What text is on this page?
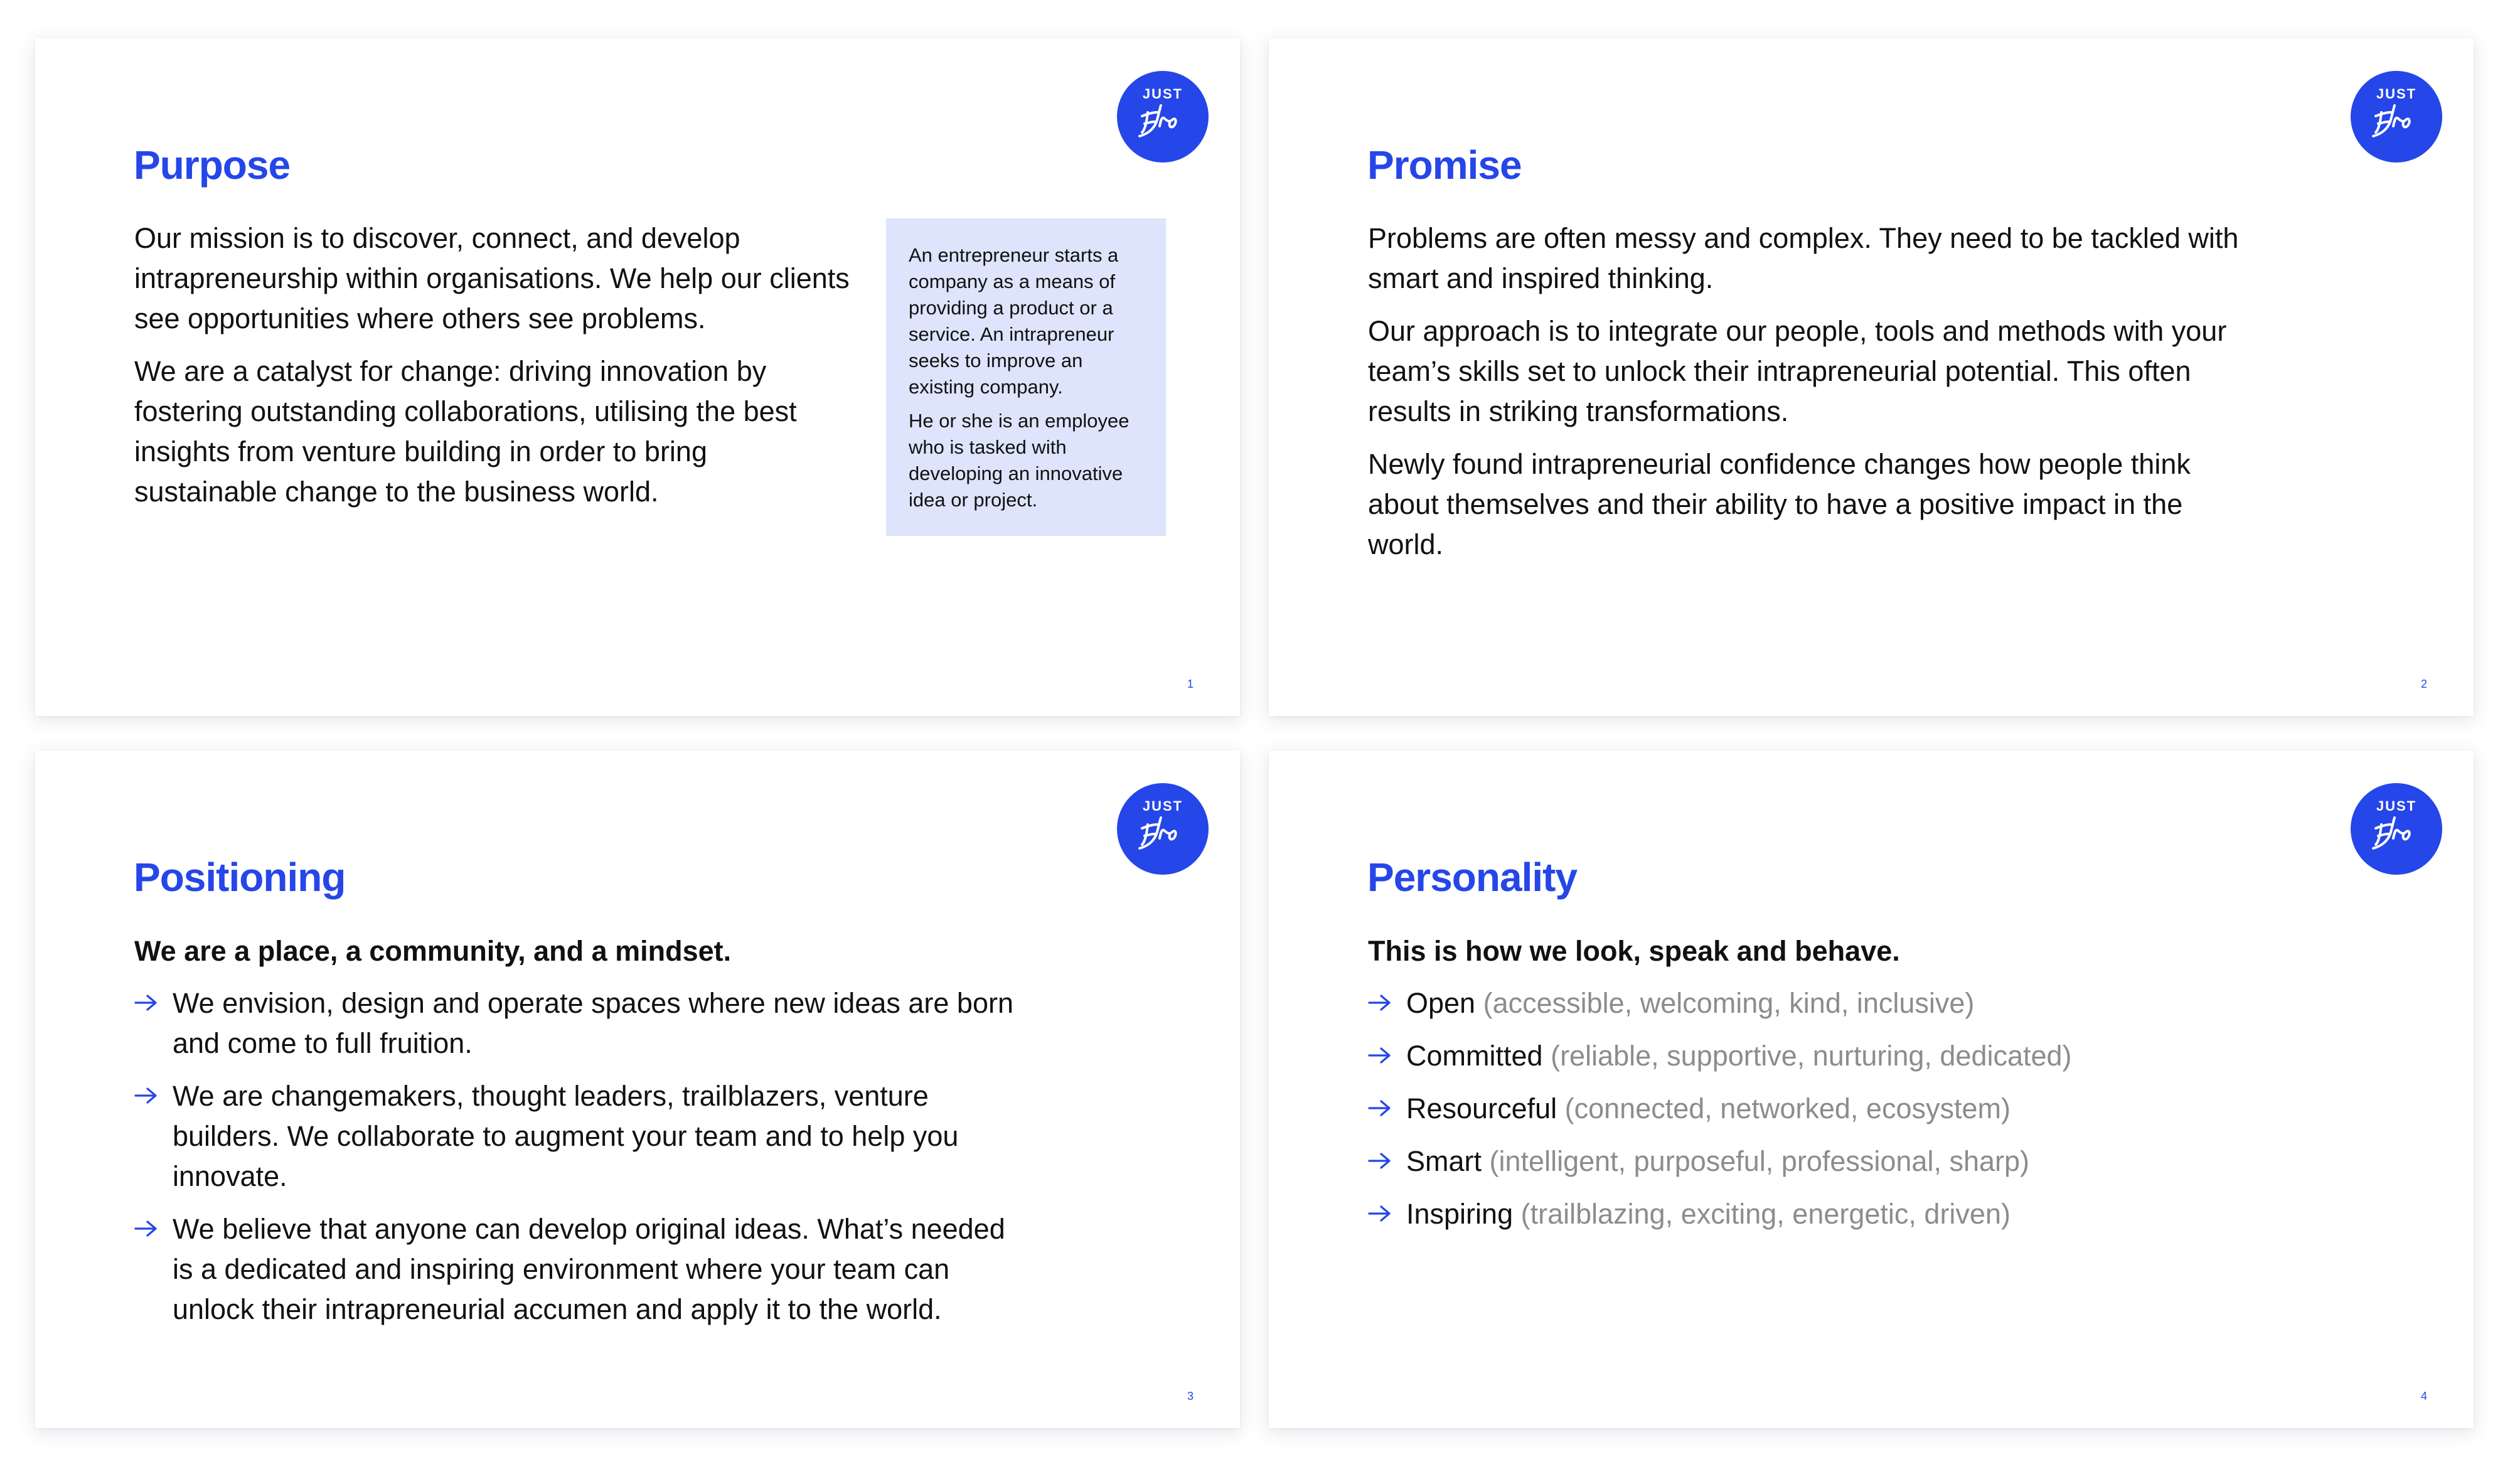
JUST
Purpose

Our mission is to discover, connect, and develop intrapreneurship within organisations. We help our clients see opportunities where others see problems.

We are a catalyst for change: driving innovation by fostering outstanding collaborations, utilising the best insights from venture building in order to bring sustainable change to the business world.

An entrepreneur starts a company as a means of providing a product or a service. An intrapreneur seeks to improve an existing company.

He or she is an employee who is tasked with developing an innovative idea or project.

1
JUST
Promise

Problems are often messy and complex. They need to be tackled with smart and inspired thinking.

Our approach is to integrate our people, tools and methods with your team’s skills set to unlock their intrapreneurial potential. This often results in striking transformations.

Newly found intrapreneurial confidence changes how people think about themselves and their ability to have a positive impact in the world.

2
JUST
Positioning
We are a place, a community, and a mindset.
We envision, design and operate spaces where new ideas are born and come to full fruition.
We are changemakers, thought leaders, trailblazers, venture builders. We collaborate to augment your team and to help you innovate.
We believe that anyone can develop original ideas. What’s needed is a dedicated and inspiring environment where your team can unlock their intrapreneurial accumen and apply it to the world.
3
JUST
Personality
This is how we look, speak and behave.
Open (accessible, welcoming, kind, inclusive)
Committed (reliable, supportive, nurturing, dedicated)
Resourceful (connected, networked, ecosystem)
Smart (intelligent, purposeful, professional, sharp)
Inspiring (trailblazing, exciting, energetic, driven)
4
